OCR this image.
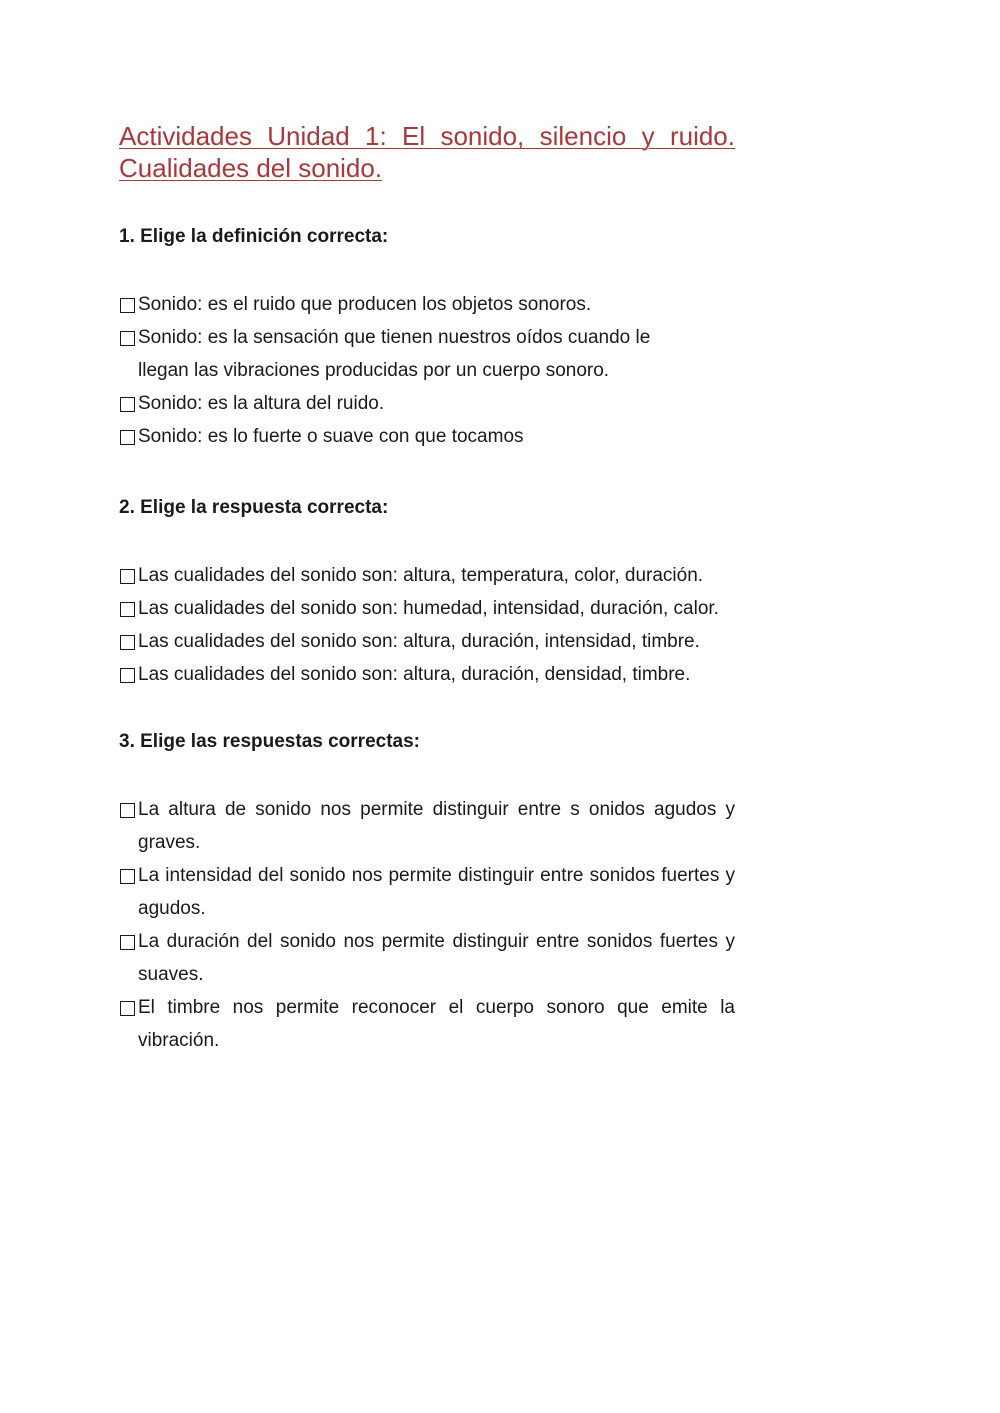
Actividades Unidad 1: El sonido, silencio y ruido. Cualidades del sonido.

1. Elige la definición correcta:

Sonido: es el ruido que producen los objetos sonoros.
Sonido: es la sensación que tienen nuestros oídos cuando le llegan las vibraciones producidas por un cuerpo sonoro.
Sonido: es la altura del ruido.
Sonido: es lo fuerte o suave con que tocamos

2. Elige la respuesta correcta:

Las cualidades del sonido son: altura, temperatura, color, duración.
Las cualidades del sonido son: humedad, intensidad, duración, calor.
Las cualidades del sonido son: altura, duración, intensidad, timbre.
Las cualidades del sonido son: altura, duración, densidad, timbre.

3. Elige las respuestas correctas:

La altura de sonido nos permite distinguir entre s onidos agudos y graves.
La intensidad del sonido nos permite distinguir entre sonidos fuertes y agudos.
La duración del sonido nos permite distinguir entre sonidos fuertes y suaves.
El timbre nos permite reconocer el cuerpo sonoro que emite la vibración.
